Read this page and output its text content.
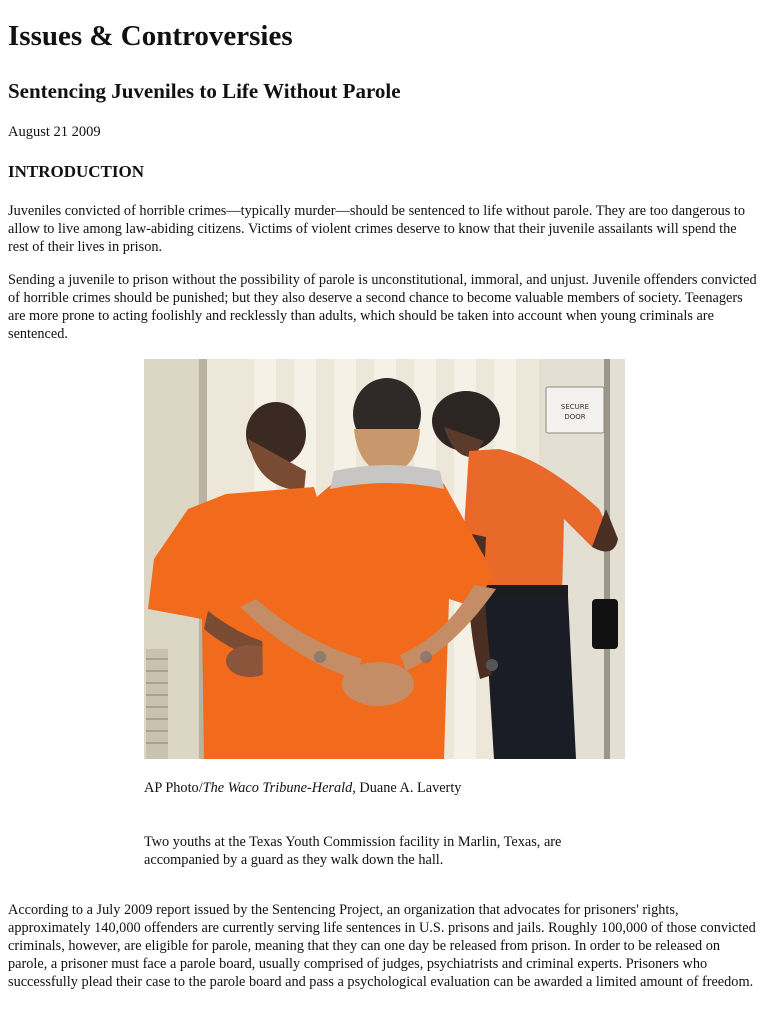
Issues & Controversies
Sentencing Juveniles to Life Without Parole

August 21 2009

INTRODUCTION

Juveniles convicted of horrible crimes—typically murder—should be sentenced to life without parole. They are too dangerous to allow to live among law-abiding citizens. Victims of violent crimes deserve to know that their juvenile assailants will spend the rest of their lives in prison.

Sending a juvenile to prison without the possibility of parole is unconstitutional, immoral, and unjust. Juvenile offenders convicted of horrible crimes should be punished; but they also deserve a second chance to become valuable members of society. Teenagers are more prone to acting foolishly and recklessly than adults, which should be taken into account when young criminals are sentenced.

SECURE
DOOR

AP Photo/The Waco Tribune-Herald, Duane A. Laverty

Two youths at the Texas Youth Commission facility in Marlin, Texas, are accompanied by a guard as they walk down the hall.

According to a July 2009 report issued by the Sentencing Project, an organization that advocates for prisoners' rights, approximately 140,000 offenders are currently serving life sentences in U.S. prisons and jails. Roughly 100,000 of those convicted criminals, however, are eligible for parole, meaning that they can one day be released from prison. In order to be released on parole, a prisoner must face a parole board, usually comprised of judges, psychiatrists and criminal experts. Prisoners who successfully plead their case to the parole board and pass a psychological evaluation can be awarded a limited amount of freedom.
